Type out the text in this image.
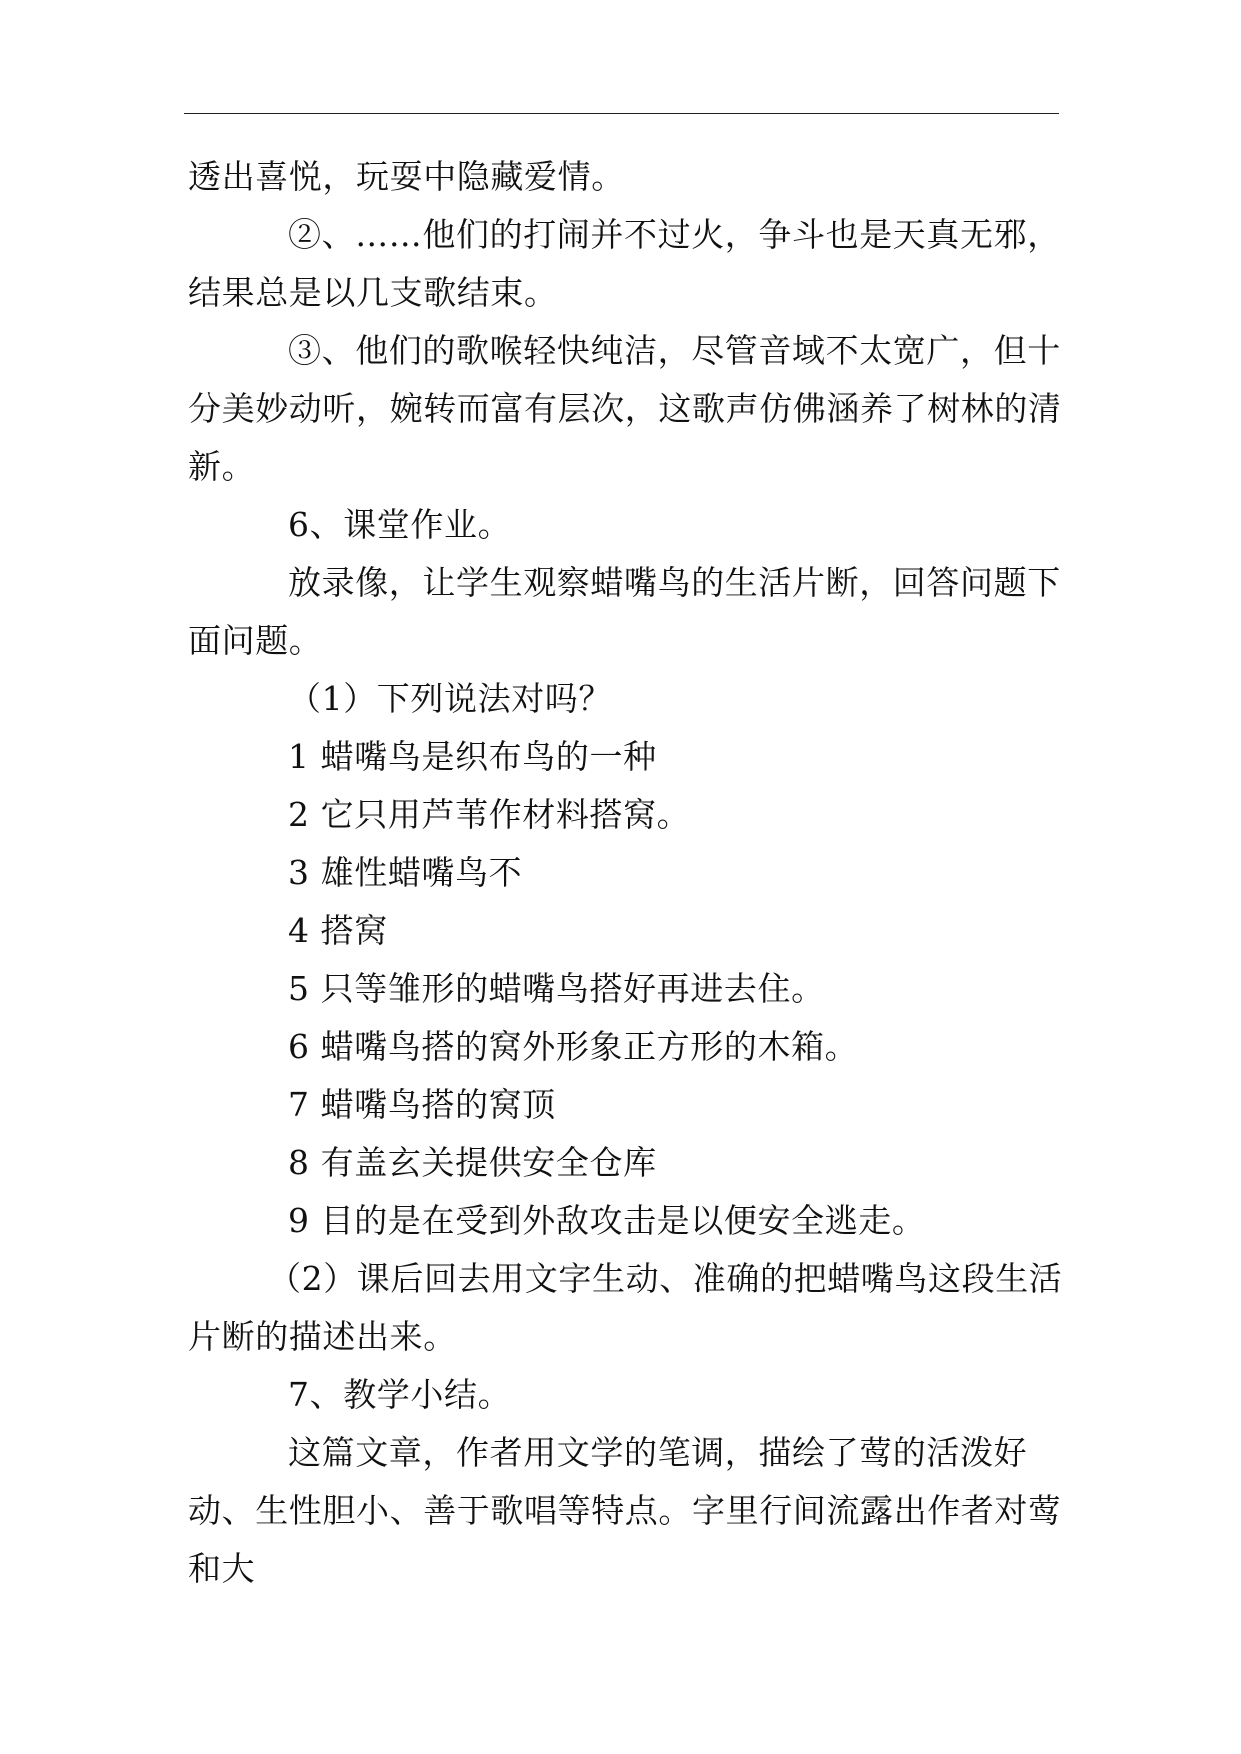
透出喜悦，玩耍中隐藏爱情。

②、……他们的打闹并不过火，争斗也是天真无邪，结果总是以几支歌结束。

③、他们的歌喉轻快纯洁，尽管音域不太宽广，但十分美妙动听，婉转而富有层次，这歌声仿佛涵养了树林的清新。

6、课堂作业。

放录像，让学生观察蜡嘴鸟的生活片断，回答问题下面问题。

（1）下列说法对吗？

1 蜡嘴鸟是织布鸟的一种

2 它只用芦苇作材料搭窝。

3 雄性蜡嘴鸟不

4 搭窝

5 只等雏形的蜡嘴鸟搭好再进去住。

6 蜡嘴鸟搭的窝外形象正方形的木箱。

7 蜡嘴鸟搭的窝顶

8 有盖玄关提供安全仓库

9 目的是在受到外敌攻击是以便安全逃走。

（2）课后回去用文字生动、准确的把蜡嘴鸟这段生活片断的描述出来。

7、教学小结。

这篇文章，作者用文学的笔调，描绘了莺的活泼好动、生性胆小、善于歌唱等特点。字里行间流露出作者对莺和大
